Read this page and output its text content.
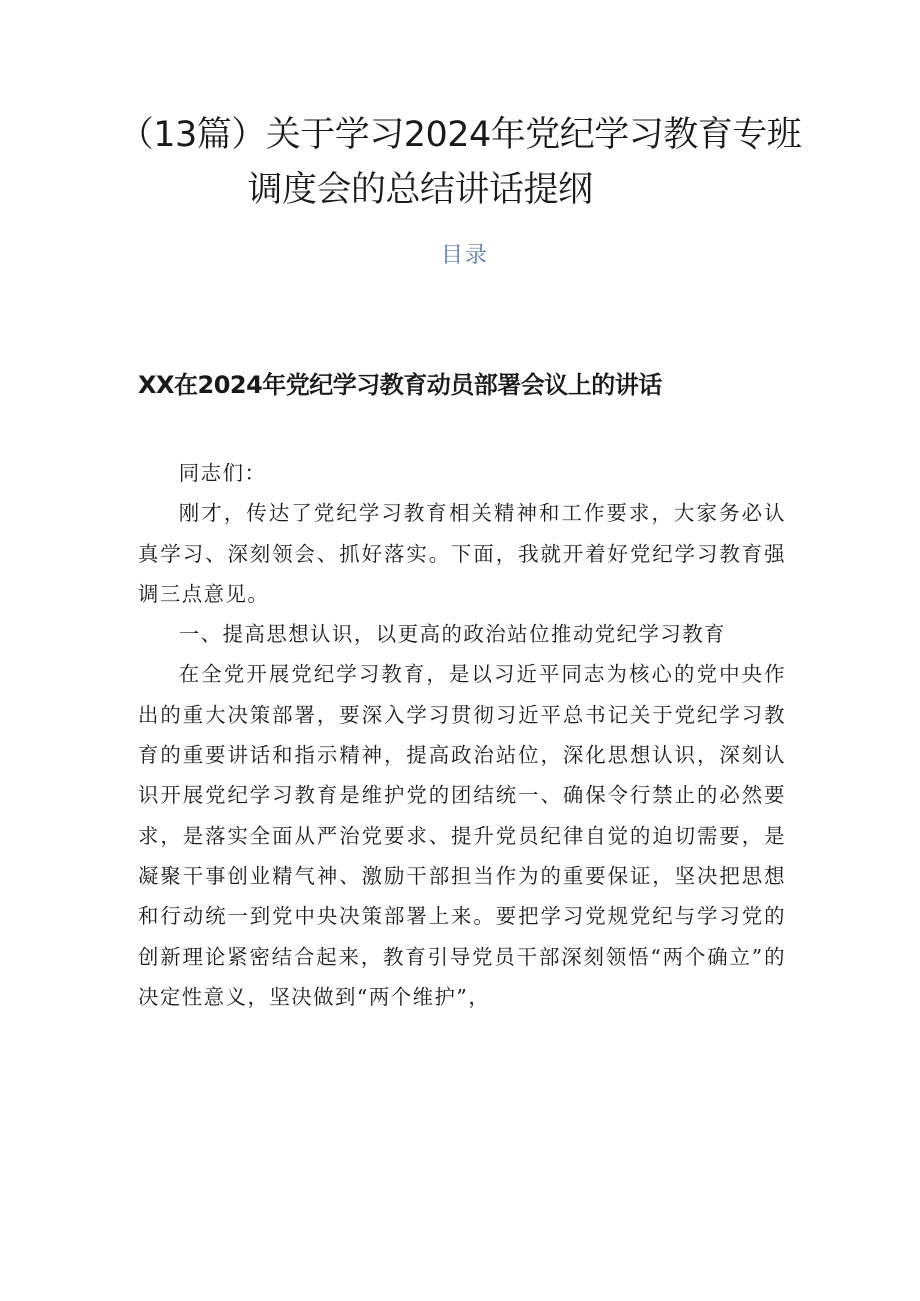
（13篇）关于学习2024年党纪学习教育专班
调度会的总结讲话提纲
目录
XX在2024年党纪学习教育动员部署会议上的讲话

同志们：

刚才，传达了党纪学习教育相关精神和工作要求，大家务必认真学习、深刻领会、抓好落实。下面，我就开着好党纪学习教育强调三点意见。

一、提高思想认识，以更高的政治站位推动党纪学习教育

在全党开展党纪学习教育，是以习近平同志为核心的党中央作出的重大决策部署，要深入学习贯彻习近平总书记关于党纪学习教育的重要讲话和指示精神，提高政治站位，深化思想认识，深刻认识开展党纪学习教育是维护党的团结统一、确保令行禁止的必然要求，是落实全面从严治党要求、提升党员纪律自觉的迫切需要，是凝聚干事创业精气神、激励干部担当作为的重要保证，坚决把思想和行动统一到党中央决策部署上来。要把学习党规党纪与学习党的创新理论紧密结合起来，教育引导党员干部深刻领悟“两个确立”的决定性意义，坚决做到“两个维护”，
